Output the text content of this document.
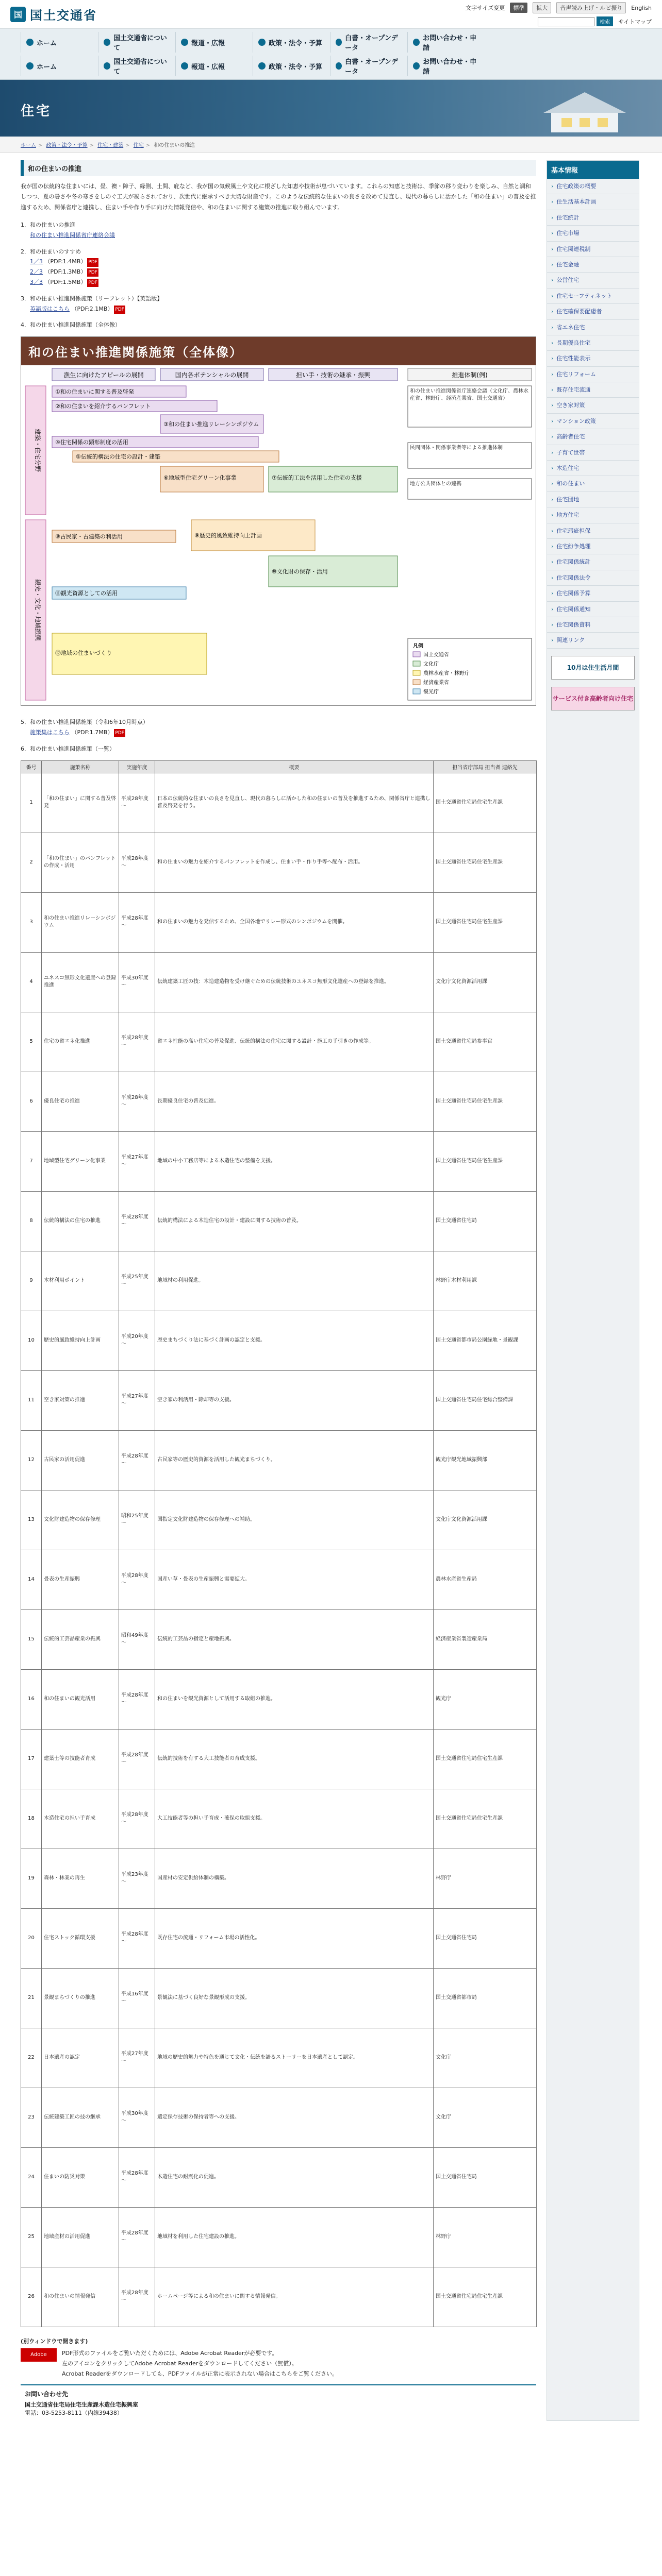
国 国土交通省
文字サイズ変更	標準	拡大	音声読み上げ・ルビ振り	English
検索	サイトマップ
ホーム
国土交通省について
報道・広報	政策・法令・予算
白書・オープンデータ
お問い合わせ・申請
ホーム
国土交通省について
報道・広報	政策・法令・予算
白書・オープンデータ
お問い合わせ・申請
住宅
ホーム > 政策・法令・予算 > 住宅・建築 > 住宅 > 和の住まいの推進
和の住まいの推進

我が国の伝統的な住まいには、畳、襖・障子、縁側、土間、庇など、我が国の気候風土や文化に根ざした知恵や技術が息づいています。これらの知恵と技術は、季節の移り変わりを楽しみ、自然と調和しつつ、夏の暑さや冬の寒さをしのぐ工夫が凝らされており、次世代に継承すべき大切な財産です。このような伝統的な住まいの良さを改めて見直し、現代の暮らしに活かした「和の住まい」の普及を推進するため、関係省庁と連携し、住まい手や作り手に向けた情報発信や、和の住まいに関する施策の推進に取り組んでいます。

1．和の住まいの推進
和の住まい推進関係省庁連絡会議
2．和の住まいのすすめ
1／3 （PDF:1.4MB） PDF
2／3 （PDF:1.3MB） PDF
3／3 （PDF:1.5MB） PDF
3．和の住まい推進関係施策（リーフレット）【英語版】
英語版はこちら （PDF:2.1MB） PDF
4．和の住まい推進関係施策（全体像）
和の住まい推進関係施策（全体像）
漁生に向けたアピールの展開	国内各ポテンシャルの展開	担い手・技術の継承・振興	推進体制(例)
建築・住宅分野
観光・文化・地域振興
①和の住まいに関する普及啓発
②和の住まいを紹介するパンフレット
③和の住まい推進リレーシンポジウム
④住宅関係の顕彰制度の活用
⑤伝統的構法の住宅の設計・建築
⑥地域型住宅グリーン化事業	⑦伝統的工法を活用した住宅の支援
⑧古民家・古建築の利活用	⑨歴史的風致維持向上計画
⑩文化財の保存・活用
⑪観光資源としての活用
⑫地域の住まいづくり
和の住まい推進関係省庁連絡会議（文化庁、農林水産省、林野庁、経済産業省、国土交通省）
民間団体・関係事業者等による推進体制
地方公共団体との連携
凡例
国土交通省
文化庁
農林水産省・林野庁
経済産業省
観光庁
5．和の住まい推進関係施策（令和6年10月時点）
施策集はこちら （PDF:1.7MB） PDF
6．和の住まい推進関係施策（一覧）
番号	施策名称	実施年度	概要	担当省庁部局 担当者 連絡先
1	「和の住まい」に関する普及啓発	平成28年度～	日本の伝統的な住まいの良さを見直し、現代の暮らしに活かした和の住まいの普及を推進するため、関係省庁と連携し普及啓発を行う。	国土交通省住宅局住宅生産課
2	「和の住まい」のパンフレットの作成・活用	平成28年度～	和の住まいの魅力を紹介するパンフレットを作成し、住まい手・作り手等へ配布・活用。	国土交通省住宅局住宅生産課
3	和の住まい推進リレーシンポジウム	平成28年度～	和の住まいの魅力を発信するため、全国各地でリレー形式のシンポジウムを開催。	国土交通省住宅局住宅生産課
4	ユネスコ無形文化遺産への登録推進	平成30年度～	伝統建築工匠の技：木造建造物を受け継ぐための伝統技術のユネスコ無形文化遺産への登録を推進。	文化庁文化資源活用課
5	住宅の省エネ化推進	平成28年度～	省エネ性能の高い住宅の普及促進、伝統的構法の住宅に関する設計・施工の手引きの作成等。	国土交通省住宅局参事官
6	優良住宅の推進	平成28年度～	長期優良住宅の普及促進。	国土交通省住宅局住宅生産課
7	地域型住宅グリーン化事業	平成27年度～	地域の中小工務店等による木造住宅の整備を支援。	国土交通省住宅局住宅生産課
8	伝統的構法の住宅の推進	平成28年度～	伝統的構法による木造住宅の設計・建設に関する技術の普及。	国土交通省住宅局
9	木材利用ポイント	平成25年度～	地域材の利用促進。	林野庁木材利用課
10	歴史的風致維持向上計画	平成20年度～	歴史まちづくり法に基づく計画の認定と支援。	国土交通省都市局公園緑地・景観課
11	空き家対策の推進	平成27年度～	空き家の利活用・除却等の支援。	国土交通省住宅局住宅総合整備課
12	古民家の活用促進	平成28年度～	古民家等の歴史的資源を活用した観光まちづくり。	観光庁観光地域振興部
13	文化財建造物の保存修理	昭和25年度～	国指定文化財建造物の保存修理への補助。	文化庁文化資源活用課
14	畳表の生産振興	平成28年度～	国産い草・畳表の生産振興と需要拡大。	農林水産省生産局
15	伝統的工芸品産業の振興	昭和49年度～	伝統的工芸品の指定と産地振興。	経済産業省製造産業局
16	和の住まいの観光活用	平成28年度～	和の住まいを観光資源として活用する取組の推進。	観光庁
17	建築士等の技能者育成	平成28年度～	伝統的技術を有する大工技能者の育成支援。	国土交通省住宅局住宅生産課
18	木造住宅の担い手育成	平成28年度～	大工技能者等の担い手育成・確保の取組支援。	国土交通省住宅局住宅生産課
19	森林・林業の再生	平成23年度～	国産材の安定供給体制の構築。	林野庁
20	住宅ストック循環支援	平成28年度～	既存住宅の流通・リフォーム市場の活性化。	国土交通省住宅局
21	景観まちづくりの推進	平成16年度～	景観法に基づく良好な景観形成の支援。	国土交通省都市局
22	日本遺産の認定	平成27年度～	地域の歴史的魅力や特色を通じて文化・伝統を語るストーリーを日本遺産として認定。	文化庁
23	伝統建築工匠の技の継承	平成30年度～	選定保存技術の保持者等への支援。	文化庁
24	住まいの防災対策	平成28年度～	木造住宅の耐震化の促進。	国土交通省住宅局
25	地域産材の活用促進	平成28年度～	地域材を利用した住宅建設の推進。	林野庁
26	和の住まいの情報発信	平成28年度～	ホームページ等による和の住まいに関する情報発信。	国土交通省住宅局住宅生産課
(別ウィンドウで開きます)
Adobe	PDF形式のファイルをご覧いただくためには、Adobe Acrobat Readerが必要です。
左のアイコンをクリックしてAdobe Acrobat Readerをダウンロードしてください（無償）。
Acrobat Readerをダウンロードしても、PDFファイルが正常に表示されない場合はこちらをご覧ください。
お問い合わせ先
国土交通省住宅局住宅生産課木造住宅振興室
電話：03-5253-8111（内線39438）
基本情報
› 住宅政策の概要
› 住生活基本計画
› 住宅統計
› 住宅市場
› 住宅関連税制
› 住宅金融
› 公営住宅
› 住宅セーフティネット
› 住宅確保要配慮者
› 省エネ住宅
› 長期優良住宅
› 住宅性能表示
› 住宅リフォーム
› 既存住宅流通
› 空き家対策
› マンション政策
› 高齢者住宅
› 子育て世帯
› 木造住宅
› 和の住まい
› 住宅団地
› 地方住宅
› 住宅瑕疵担保
› 住宅紛争処理
› 住宅関係統計
› 住宅関係法令
› 住宅関係予算
› 住宅関係通知
› 住宅関係資料
› 関連リンク
10月は住生活月間
サービス付き高齢者向け住宅
